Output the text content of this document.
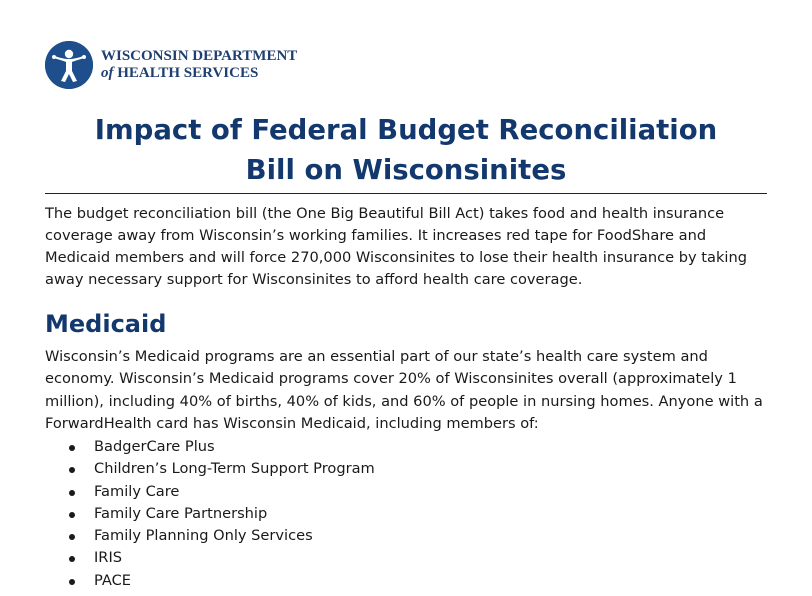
WISCONSIN DEPARTMENT
of HEALTH SERVICES
Impact of Federal Budget Reconciliation
Bill on Wisconsinites

The budget reconciliation bill (the One Big Beautiful Bill Act) takes food and health insurance coverage away from Wisconsin’s working families. It increases red tape for FoodShare and Medicaid members and will force 270,000 Wisconsinites to lose their health insurance by taking away necessary support for Wisconsinites to afford health care coverage.

Medicaid

Wisconsin’s Medicaid programs are an essential part of our state’s health care system and economy. Wisconsin’s Medicaid programs cover 20% of Wisconsinites overall (approximately 1 million), including 40% of births, 40% of kids, and 60% of people in nursing homes. Anyone with a ForwardHealth card has Wisconsin Medicaid, including members of:

BadgerCare Plus
Children’s Long-Term Support Program
Family Care
Family Care Partnership
Family Planning Only Services
IRIS
PACE
